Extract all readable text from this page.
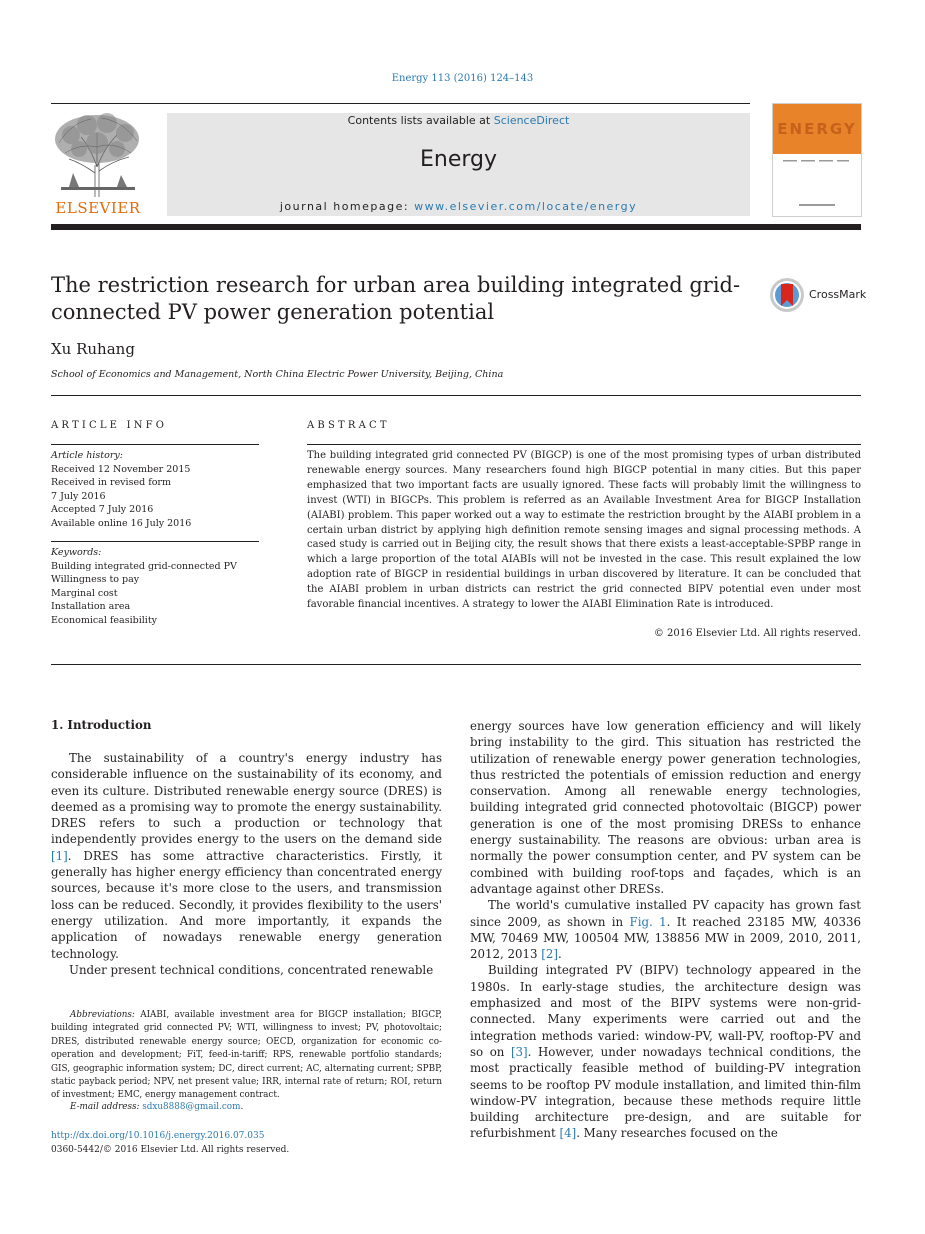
Energy 113 (2016) 124–143
ELSEVIER
Contents lists available at ScienceDirect
Energy
journal homepage: www.elsevier.com/locate/energy
ENERGY
The restriction research for urban area building integrated grid-connected PV power generation potential
CrossMark
Xu Ruhang
School of Economics and Management, North China Electric Power University, Beijing, China
ARTICLE INFO	ABSTRACT
Article history:
Received 12 November 2015
Received in revised form
7 July 2016
Accepted 7 July 2016
Available online 16 July 2016
Keywords:
Building integrated grid-connected PV
Willingness to pay
Marginal cost
Installation area
Economical feasibility
The building integrated grid connected PV (BIGCP) is one of the most promising types of urban distributed renewable energy sources. Many researchers found high BIGCP potential in many cities. But this paper emphasized that two important facts are usually ignored. These facts will probably limit the willingness to invest (WTI) in BIGCPs. This problem is referred as an Available Investment Area for BIGCP Installation (AIABI) problem. This paper worked out a way to estimate the restriction brought by the AIABI problem in a certain urban district by applying high definition remote sensing images and signal processing methods. A cased study is carried out in Beijing city, the result shows that there exists a least-acceptable-SPBP range in which a large proportion of the total AIABIs will not be invested in the case. This result explained the low adoption rate of BIGCP in residential buildings in urban discovered by literature. It can be concluded that the AIABI problem in urban districts can restrict the grid connected BIPV potential even under most favorable financial incentives. A strategy to lower the AIABI Elimination Rate is introduced.
© 2016 Elsevier Ltd. All rights reserved.
1. Introduction

The sustainability of a country's energy industry has considerable influence on the sustainability of its economy, and even its culture. Distributed renewable energy source (DRES) is deemed as a promising way to promote the energy sustainability. DRES refers to such a production or technology that independently provides energy to the users on the demand side [1]. DRES has some attractive characteristics. Firstly, it generally has higher energy efficiency than concentrated energy sources, because it's more close to the users, and transmission loss can be reduced. Secondly, it provides flexibility to the users' energy utilization. And more importantly, it expands the application of nowadays renewable energy generation technology.

Under present technical conditions, concentrated renewable

energy sources have low generation efficiency and will likely bring instability to the gird. This situation has restricted the utilization of renewable energy power generation technologies, thus restricted the potentials of emission reduction and energy conservation. Among all renewable energy technologies, building integrated grid connected photovoltaic (BIGCP) power generation is one of the most promising DRESs to enhance energy sustainability. The reasons are obvious: urban area is normally the power consumption center, and PV system can be combined with building roof-tops and façades, which is an advantage against other DRESs.

The world's cumulative installed PV capacity has grown fast since 2009, as shown in Fig. 1. It reached 23185 MW, 40336 MW, 70469 MW, 100504 MW, 138856 MW in 2009, 2010, 2011, 2012, 2013 [2].

Building integrated PV (BIPV) technology appeared in the 1980s. In early-stage studies, the architecture design was emphasized and most of the BIPV systems were non-grid-connected. Many experiments were carried out and the integration methods varied: window-PV, wall-PV, rooftop-PV and so on [3]. However, under nowadays technical conditions, the most practically feasible method of building-PV integration seems to be rooftop PV module installation, and limited thin-film window-PV integration, because these methods require little building architecture pre-design, and are suitable for refurbishment [4]. Many researches focused on the

Abbreviations: AIABI, available investment area for BIGCP installation; BIGCP, building integrated grid connected PV; WTI, willingness to invest; PV, photovoltaic; DRES, distributed renewable energy source; OECD, organization for economic co-operation and development; FiT, feed-in-tariff; RPS, renewable portfolio standards; GIS, geographic information system; DC, direct current; AC, alternating current; SPBP, static payback period; NPV, net present value; IRR, internal rate of return; ROI, return of investment; EMC, energy management contract.
E-mail address: sdxu8888@gmail.com.
http://dx.doi.org/10.1016/j.energy.2016.07.035
0360-5442/© 2016 Elsevier Ltd. All rights reserved.
